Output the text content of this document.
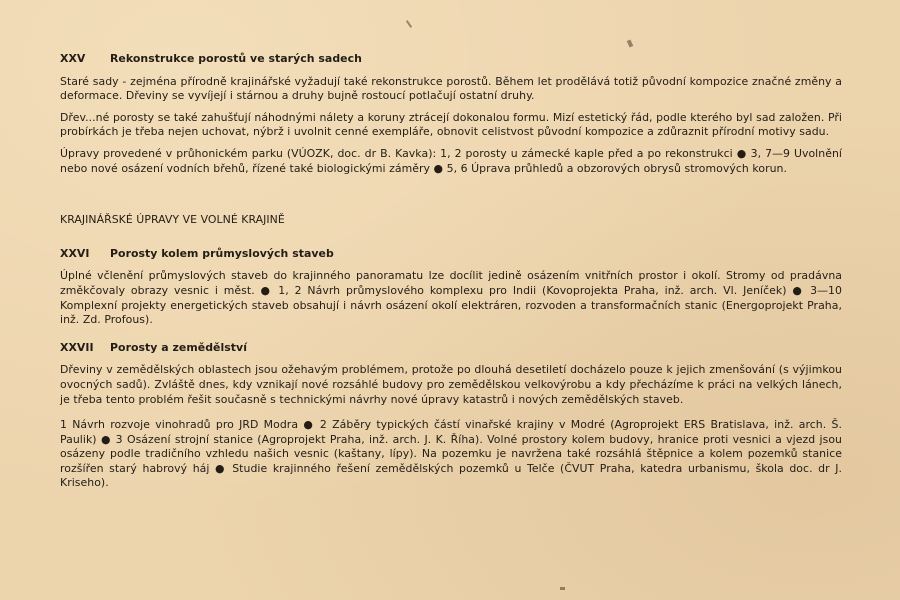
XXV Rekonstrukce porostů ve starých sadech

Staré sady - zejména přírodně krajinářské vyžadují také rekonstrukce porostů. Během let prodělává totiž původní kompozice značné změny a deformace. Dřeviny se vyvíjejí i stárnou a druhy bujně rostoucí potlačují ostatní druhy.

Dřev...né porosty se také zahušťují náhodnými nálety a koruny ztrácejí dokonalou formu. Mizí estetický řád, podle kterého byl sad založen. Při probírkách je třeba nejen uchovat, nýbrž i uvolnit cenné exempláře, obnovit celistvost původní kompozice a zdůraznit přírodní motivy sadu.

Úpravy provedené v průhonickém parku (VÚOZK, doc. dr B. Kavka): 1, 2 porosty u zámecké kaple před a po rekonstrukci ● 3, 7—9 Uvolnění nebo nové osázení vodních břehů, řízené také biologickými záměry ● 5, 6 Úprava průhledů a obzorových obrysů stromových korun.

KRAJINÁŘSKÉ ÚPRAVY VE VOLNÉ KRAJINĚ
XXVI Porosty kolem průmyslových staveb

Úplné včlenění průmyslových staveb do krajinného panoramatu lze docílit jedině osázením vnitřních prostor i okolí. Stromy od pradávna změkčovaly obrazy vesnic i měst. ● 1, 2 Návrh průmyslového komplexu pro Indii (Kovoprojekta Praha, inž. arch. Vl. Jeníček) ● 3—10 Komplexní projekty energetických staveb obsahují i návrh osázení okolí elektráren, rozvoden a transformačních stanic (Energoprojekt Praha, inž. Zd. Profous).

XXVII Porosty a zemědělství

Dřeviny v zemědělských oblastech jsou ožehavým problémem, protože po dlouhá desetiletí docházelo pouze k jejich zmenšování (s výjimkou ovocných sadů). Zvláště dnes, kdy vznikají nové rozsáhlé budovy pro zemědělskou velkovýrobu a kdy přecházíme k práci na velkých lánech, je třeba tento problém řešit současně s technickými návrhy nové úpravy katastrů i nových zemědělských staveb.

1 Návrh rozvoje vinohradů pro JRD Modra ● 2 Záběry typických částí vinařské krajiny v Modré (Agroprojekt ERS Bratislava, inž. arch. Š. Paulik) ● 3 Osázení strojní stanice (Agroprojekt Praha, inž. arch. J. K. Říha). Volné prostory kolem budovy, hranice proti vesnici a vjezd jsou osázeny podle tradičního vzhledu našich vesnic (kaštany, lípy). Na pozemku je navržena také rozsáhlá štěpnice a kolem pozemků stanice rozšířen starý habrový háj ● Studie krajinného řešení zemědělských pozemků u Telče (ČVUT Praha, katedra urbanismu, škola doc. dr J. Kriseho).
